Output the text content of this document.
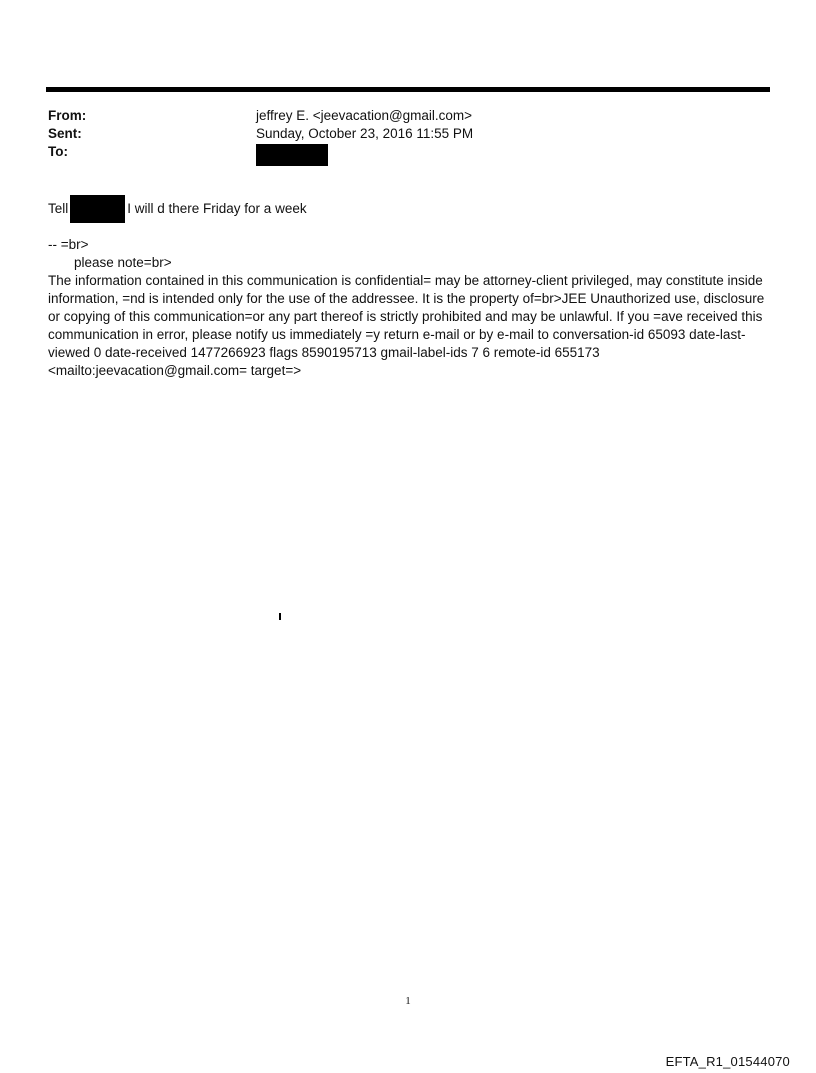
From:	jeffrey E. <jeevacation@gmail.com>
Sent:	Sunday, October 23, 2016 11:55 PM
To:
Tell	I will d there Friday for a week
-- =br>
please note=br>

The information contained in this communication is confidential= may be attorney-client privileged, may constitute inside information, =nd is intended only for the use of the addressee. It is the property of=br>JEE Unauthorized use, disclosure or copying of this communication=or any part thereof is strictly prohibited and may be unlawful. If you =ave received this communication in error, please notify us immediately =y return e-mail or by e-mail to conversation-id 65093 date-last-viewed 0 date-received 1477266923 flags 8590195713 gmail-label-ids 7 6 remote-id 655173 <mailto:jeevacation@gmail.com= target=>

1
EFTA_R1_01544070
